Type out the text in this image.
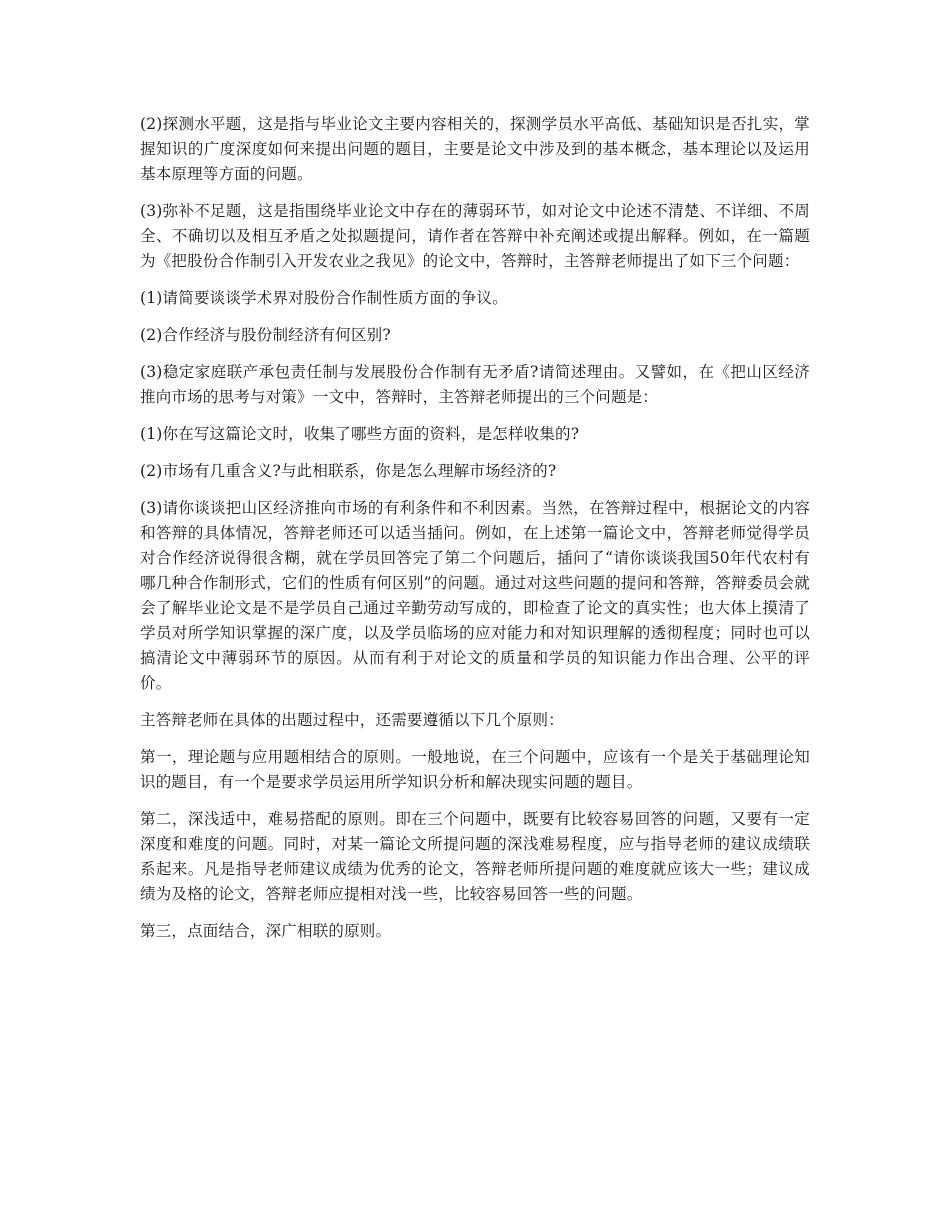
(2)探测水平题，这是指与毕业论文主要内容相关的，探测学员水平高低、基础知识是否扎实，掌握知识的广度深度如何来提出问题的题目，主要是论文中涉及到的基本概念，基本理论以及运用基本原理等方面的问题。

(3)弥补不足题，这是指围绕毕业论文中存在的薄弱环节，如对论文中论述不清楚、不详细、不周全、不确切以及相互矛盾之处拟题提问，请作者在答辩中补充阐述或提出解释。例如，在一篇题为《把股份合作制引入开发农业之我见》的论文中，答辩时，主答辩老师提出了如下三个问题：

(1)请简要谈谈学术界对股份合作制性质方面的争议。

(2)合作经济与股份制经济有何区别?

(3)稳定家庭联产承包责任制与发展股份合作制有无矛盾?请简述理由。又譬如，在《把山区经济推向市场的思考与对策》一文中，答辩时，主答辩老师提出的三个问题是：

(1)你在写这篇论文时，收集了哪些方面的资料，是怎样收集的?

(2)市场有几重含义?与此相联系，你是怎么理解市场经济的?

(3)请你谈谈把山区经济推向市场的有利条件和不利因素。当然，在答辩过程中，根据论文的内容和答辩的具体情况，答辩老师还可以适当插问。例如，在上述第一篇论文中，答辩老师觉得学员对合作经济说得很含糊，就在学员回答完了第二个问题后，插问了“请你谈谈我国50年代农村有哪几种合作制形式，它们的性质有何区别”的问题。通过对这些问题的提问和答辩，答辩委员会就会了解毕业论文是不是学员自己通过辛勤劳动写成的，即检查了论文的真实性；也大体上摸清了学员对所学知识掌握的深广度，以及学员临场的应对能力和对知识理解的透彻程度；同时也可以搞清论文中薄弱环节的原因。从而有利于对论文的质量和学员的知识能力作出合理、公平的评价。

主答辩老师在具体的出题过程中，还需要遵循以下几个原则：

第一，理论题与应用题相结合的原则。一般地说，在三个问题中，应该有一个是关于基础理论知识的题目，有一个是要求学员运用所学知识分析和解决现实问题的题目。

第二，深浅适中，难易搭配的原则。即在三个问题中，既要有比较容易回答的问题，又要有一定深度和难度的问题。同时，对某一篇论文所提问题的深浅难易程度，应与指导老师的建议成绩联系起来。凡是指导老师建议成绩为优秀的论文，答辩老师所提问题的难度就应该大一些；建议成绩为及格的论文，答辩老师应提相对浅一些，比较容易回答一些的问题。

第三，点面结合，深广相联的原则。
